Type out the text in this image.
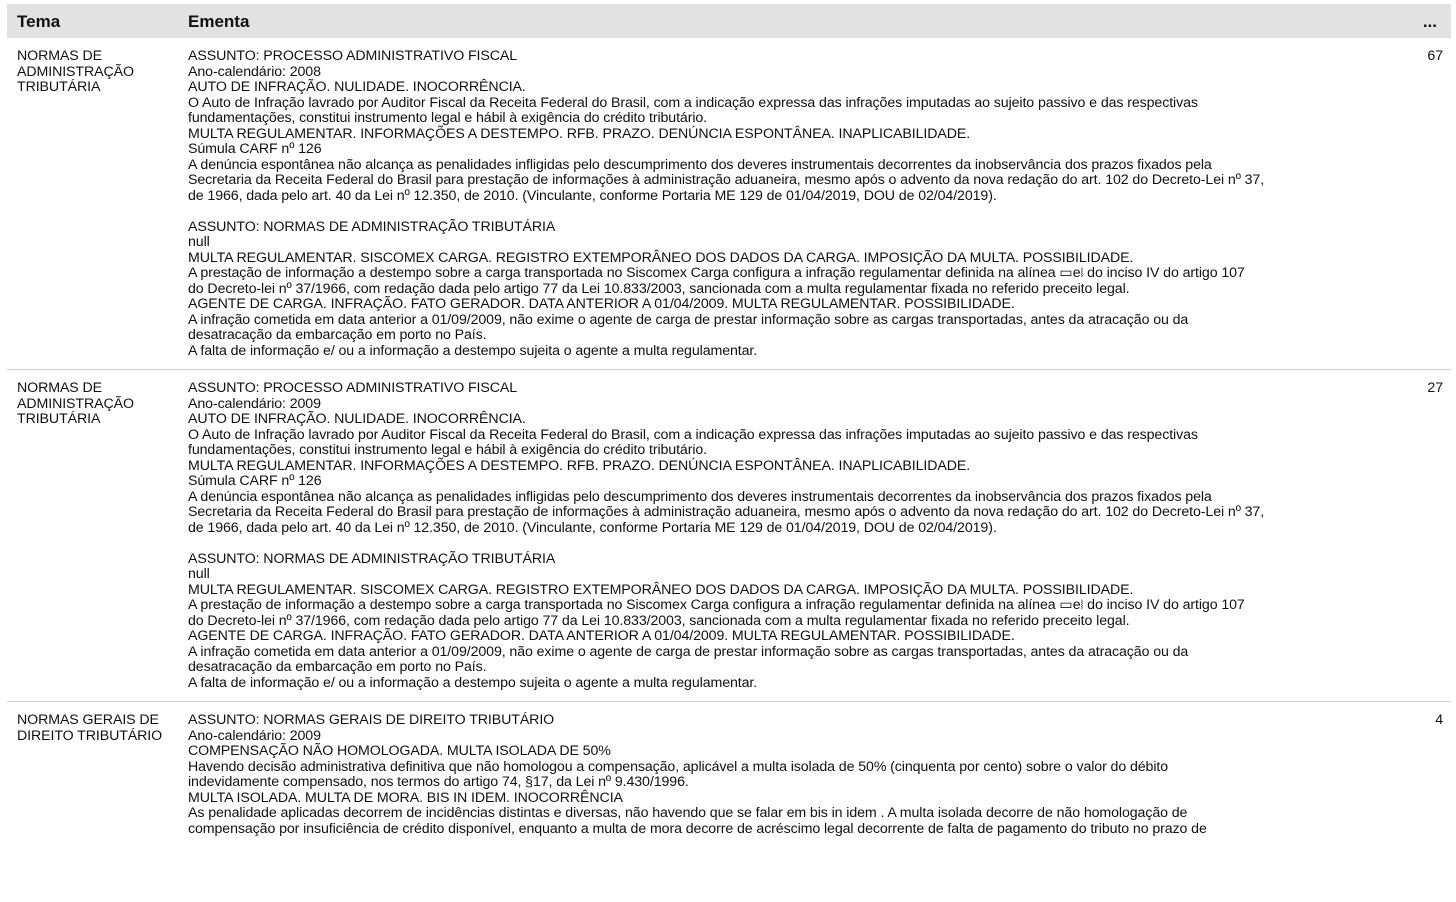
Tema	Ementa	...
NORMAS DE
ADMINISTRAÇÃO
TRIBUTÁRIA
ASSUNTO: PROCESSO ADMINISTRATIVO FISCAL
Ano-calendário: 2008
AUTO DE INFRAÇÃO. NULIDADE. INOCORRÊNCIA.
O Auto de Infração lavrado por Auditor Fiscal da Receita Federal do Brasil, com a indicação expressa das infrações imputadas ao sujeito passivo e das respectivas
fundamentações, constitui instrumento legal e hábil à exigência do crédito tributário.
MULTA REGULAMENTAR. INFORMAÇÕES A DESTEMPO. RFB. PRAZO. DENÚNCIA ESPONTÂNEA. INAPLICABILIDADE.
Súmula CARF nº 126
A denúncia espontânea não alcança as penalidades infligidas pelo descumprimento dos deveres instrumentais decorrentes da inobservância dos prazos fixados pela
Secretaria da Receita Federal do Brasil para prestação de informações à administração aduaneira, mesmo após o advento da nova redação do art. 102 do Decreto-Lei nº 37,
de 1966, dada pelo art. 40 da Lei nº 12.350, de 2010. (Vinculante, conforme Portaria ME 129 de 01/04/2019, DOU de 02/04/2019).
ASSUNTO: NORMAS DE ADMINISTRAÇÃO TRIBUTÁRIA
null
MULTA REGULAMENTAR. SISCOMEX CARGA. REGISTRO EXTEMPORÂNEO DOS DADOS DA CARGA. IMPOSIÇÃO DA MULTA. POSSIBILIDADE.
A prestação de informação a destempo sobre a carga transportada no Siscomex Carga configura a infração regulamentar definida na alínea ▭e⧘ do inciso IV do artigo 107
do Decreto-lei nº 37/1966, com redação dada pelo artigo 77 da Lei 10.833/2003, sancionada com a multa regulamentar fixada no referido preceito legal.
AGENTE DE CARGA. INFRAÇÃO. FATO GERADOR. DATA ANTERIOR A 01/04/2009. MULTA REGULAMENTAR. POSSIBILIDADE.
A infração cometida em data anterior a 01/09/2009, não exime o agente de carga de prestar informação sobre as cargas transportadas, antes da atracação ou da
desatracação da embarcação em porto no País.
A falta de informação e/ ou a informação a destempo sujeita o agente a multa regulamentar.
67
NORMAS DE
ADMINISTRAÇÃO
TRIBUTÁRIA
ASSUNTO: PROCESSO ADMINISTRATIVO FISCAL
Ano-calendário: 2009
AUTO DE INFRAÇÃO. NULIDADE. INOCORRÊNCIA.
O Auto de Infração lavrado por Auditor Fiscal da Receita Federal do Brasil, com a indicação expressa das infrações imputadas ao sujeito passivo e das respectivas
fundamentações, constitui instrumento legal e hábil à exigência do crédito tributário.
MULTA REGULAMENTAR. INFORMAÇÕES A DESTEMPO. RFB. PRAZO. DENÚNCIA ESPONTÂNEA. INAPLICABILIDADE.
Súmula CARF nº 126
A denúncia espontânea não alcança as penalidades infligidas pelo descumprimento dos deveres instrumentais decorrentes da inobservância dos prazos fixados pela
Secretaria da Receita Federal do Brasil para prestação de informações à administração aduaneira, mesmo após o advento da nova redação do art. 102 do Decreto-Lei nº 37,
de 1966, dada pelo art. 40 da Lei nº 12.350, de 2010. (Vinculante, conforme Portaria ME 129 de 01/04/2019, DOU de 02/04/2019).
ASSUNTO: NORMAS DE ADMINISTRAÇÃO TRIBUTÁRIA
null
MULTA REGULAMENTAR. SISCOMEX CARGA. REGISTRO EXTEMPORÂNEO DOS DADOS DA CARGA. IMPOSIÇÃO DA MULTA. POSSIBILIDADE.
A prestação de informação a destempo sobre a carga transportada no Siscomex Carga configura a infração regulamentar definida na alínea ▭e⧘ do inciso IV do artigo 107
do Decreto-lei nº 37/1966, com redação dada pelo artigo 77 da Lei 10.833/2003, sancionada com a multa regulamentar fixada no referido preceito legal.
AGENTE DE CARGA. INFRAÇÃO. FATO GERADOR. DATA ANTERIOR A 01/04/2009. MULTA REGULAMENTAR. POSSIBILIDADE.
A infração cometida em data anterior a 01/09/2009, não exime o agente de carga de prestar informação sobre as cargas transportadas, antes da atracação ou da
desatracação da embarcação em porto no País.
A falta de informação e/ ou a informação a destempo sujeita o agente a multa regulamentar.
27
NORMAS GERAIS DE
DIREITO TRIBUTÁRIO
ASSUNTO: NORMAS GERAIS DE DIREITO TRIBUTÁRIO
Ano-calendário: 2009
COMPENSAÇÃO NÃO HOMOLOGADA. MULTA ISOLADA DE 50%
Havendo decisão administrativa definitiva que não homologou a compensação, aplicável a multa isolada de 50% (cinquenta por cento) sobre o valor do débito
indevidamente compensado, nos termos do artigo 74, §17, da Lei nº 9.430/1996.
MULTA ISOLADA. MULTA DE MORA. BIS IN IDEM. INOCORRÊNCIA
As penalidade aplicadas decorrem de incidências distintas e diversas, não havendo que se falar em bis in idem . A multa isolada decorre de não homologação de
compensação por insuficiência de crédito disponível, enquanto a multa de mora decorre de acréscimo legal decorrente de falta de pagamento do tributo no prazo de
4
